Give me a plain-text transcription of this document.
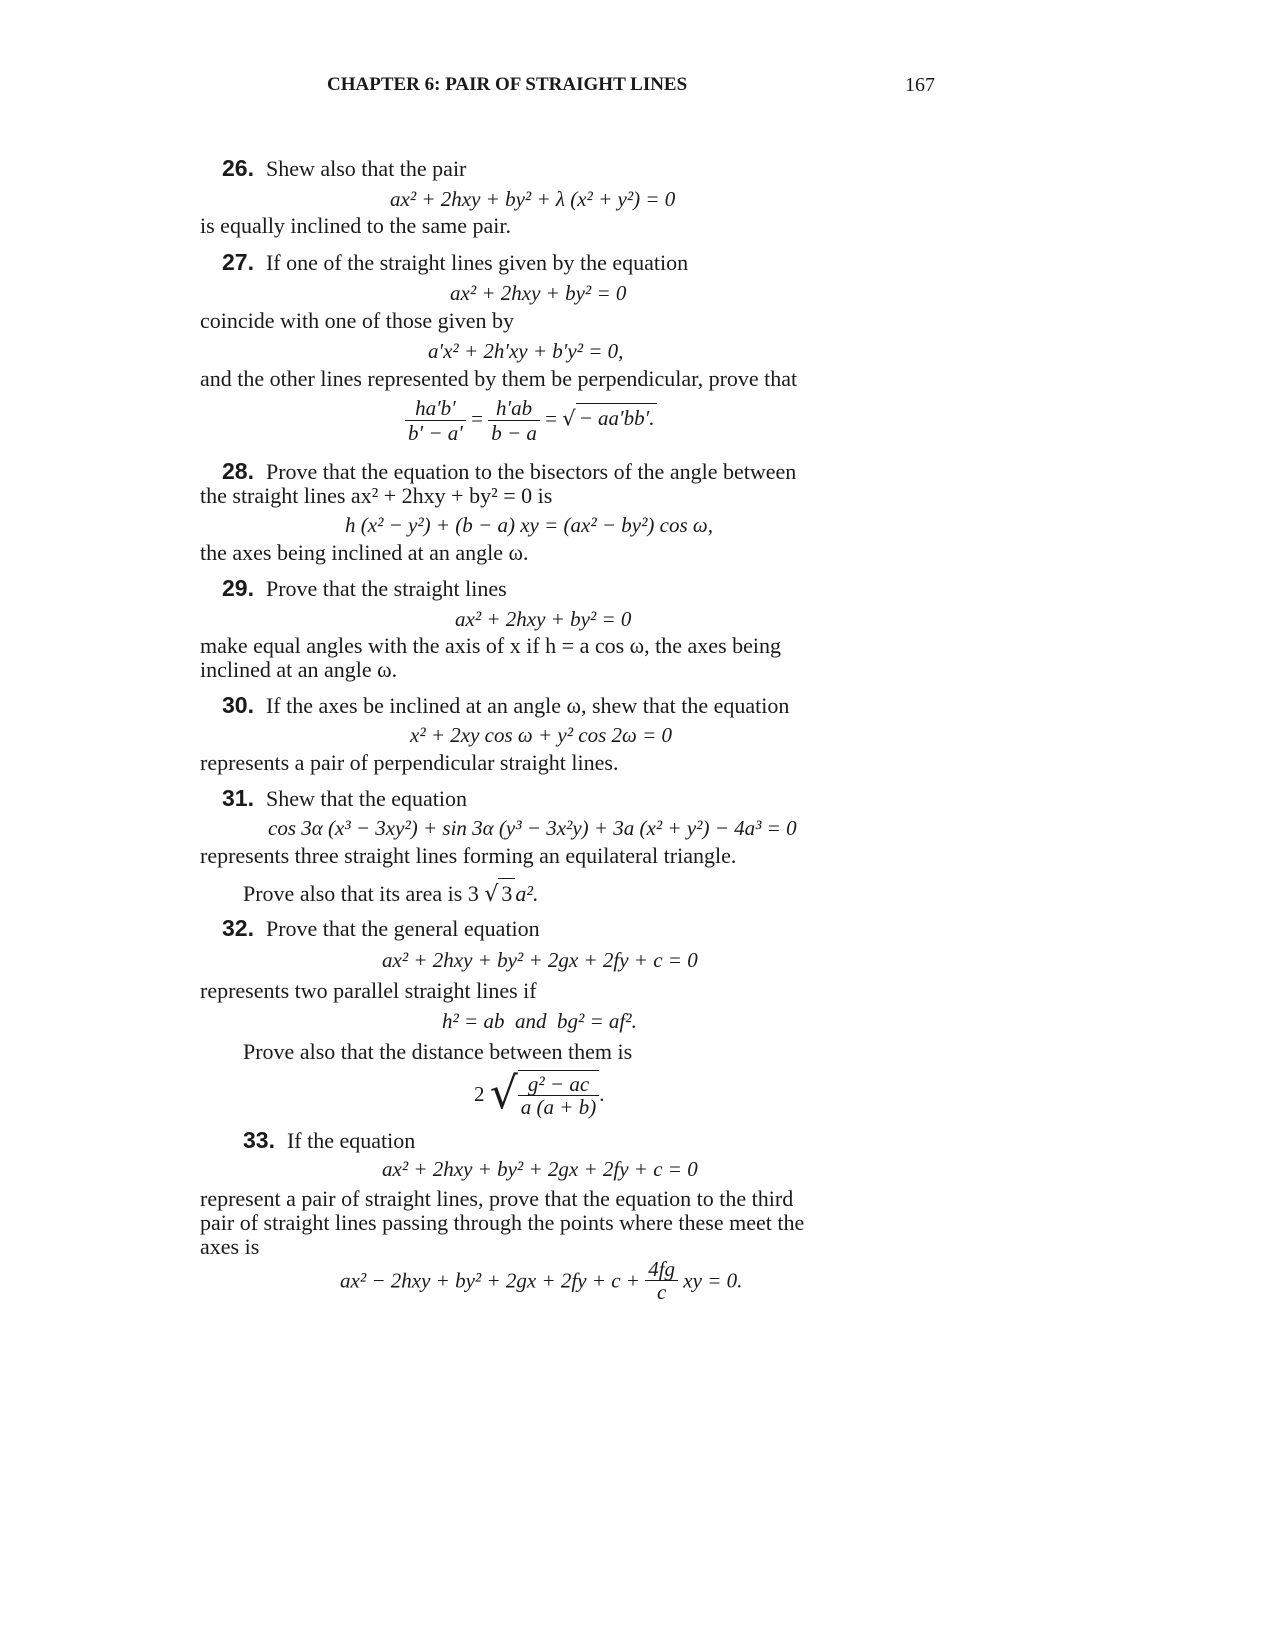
CHAPTER 6: PAIR OF STRAIGHT LINES	167
26. Shew also that the pair
ax² + 2hxy + by² + λ (x² + y²) = 0
is equally inclined to the same pair.
27. If one of the straight lines given by the equation
ax² + 2hxy + by² = 0
coincide with one of those given by
a′x² + 2h′xy + b′y² = 0,
and the other lines represented by them be perpendicular, prove that
$\frac{ha'b'}{b' - a'} = \frac{h'ab}{b - a}$ = √ − aa′bb′.
28. Prove that the equation to the bisectors of the angle between
the straight lines ax² + 2hxy + by² = 0 is
h (x² − y²) + (b − a) xy = (ax² − by²) cos ω,
the axes being inclined at an angle ω.
29. Prove that the straight lines
ax² + 2hxy + by² = 0
make equal angles with the axis of x if h = a cos ω, the axes being
inclined at an angle ω.
30. If the axes be inclined at an angle ω, shew that the equation
x² + 2xy cos ω + y² cos 2ω = 0
represents a pair of perpendicular straight lines.
31. Shew that the equation
cos 3α (x³ − 3xy²) + sin 3α (y³ − 3x²y) + 3a (x² + y²) − 4a³ = 0
represents three straight lines forming an equilateral triangle.
Prove also that its area is 3 √ 3 a².
32. Prove that the general equation
ax² + 2hxy + by² + 2gx + 2fy + c = 0
represents two parallel straight lines if
h² = ab  and  bg² = af².
Prove also that the distance between them is
2 √ $\frac{\text{g² − ac}}{a (a + b)}$ .
33. If the equation
ax² + 2hxy + by² + 2gx + 2fy + c = 0
represent a pair of straight lines, prove that the equation to the third
pair of straight lines passing through the points where these meet the
axes is
$ax^2 - 2hxy + by^2 + 2gx + 2fy + c + \frac{4fg}{c}$ xy = 0.
